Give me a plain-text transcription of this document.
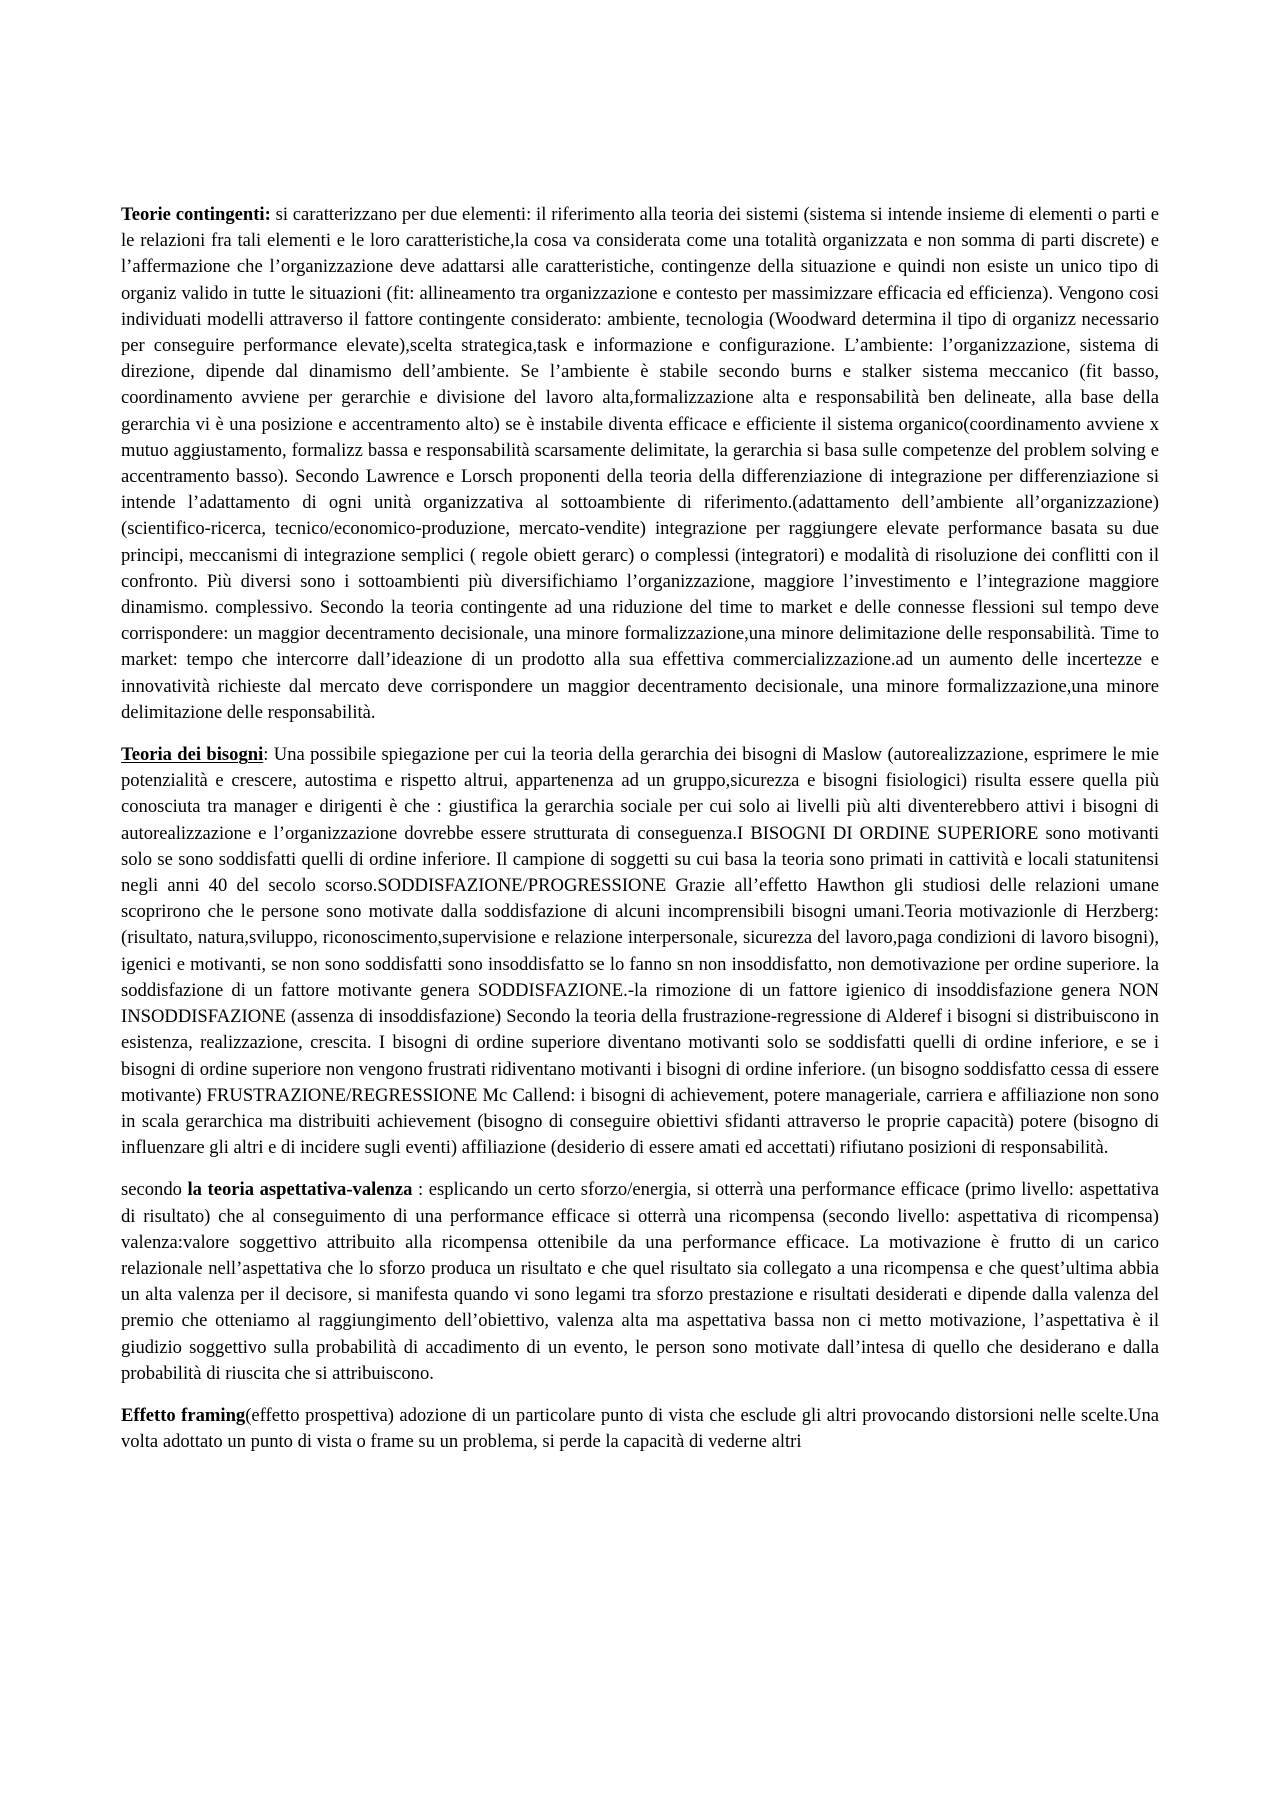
Teorie contingenti: si caratterizzano per due elementi: il riferimento alla teoria dei sistemi (sistema si intende insieme di elementi o parti e le relazioni fra tali elementi e le loro caratteristiche,la cosa va considerata come una totalità organizzata e non somma di parti discrete) e l’affermazione che l’organizzazione deve adattarsi alle caratteristiche, contingenze della situazione e quindi non esiste un unico tipo di organiz valido in tutte le situazioni (fit: allineamento tra organizzazione e contesto per massimizzare efficacia ed efficienza). Vengono cosi individuati modelli attraverso il fattore contingente considerato: ambiente, tecnologia (Woodward determina il tipo di organizz necessario per conseguire performance elevate),scelta strategica,task e informazione e configurazione. L’ambiente: l’organizzazione, sistema di direzione, dipende dal dinamismo dell’ambiente. Se l’ambiente è stabile secondo burns e stalker sistema meccanico (fit basso, coordinamento avviene per gerarchie e divisione del lavoro alta,formalizzazione alta e responsabilità ben delineate, alla base della gerarchia vi è una posizione e accentramento alto) se è instabile diventa efficace e efficiente il sistema organico(coordinamento avviene x mutuo aggiustamento, formalizz bassa e responsabilità scarsamente delimitate, la gerarchia si basa sulle competenze del problem solving e accentramento basso). Secondo Lawrence e Lorsch proponenti della teoria della differenziazione di integrazione per differenziazione si intende l’adattamento di ogni unità organizzativa al sottoambiente di riferimento.(adattamento dell’ambiente all’organizzazione) (scientifico-ricerca, tecnico/economico-produzione, mercato-vendite) integrazione per raggiungere elevate performance basata su due principi, meccanismi di integrazione semplici ( regole obiett gerarc) o complessi (integratori) e modalità di risoluzione dei conflitti con il confronto. Più diversi sono i sottoambienti più diversifichiamo l’organizzazione, maggiore l’investimento e l’integrazione maggiore dinamismo. complessivo. Secondo la teoria contingente ad una riduzione del time to market e delle connesse flessioni sul tempo deve corrispondere: un maggior decentramento decisionale, una minore formalizzazione,una minore delimitazione delle responsabilità. Time to market: tempo che intercorre dall’ideazione di un prodotto alla sua effettiva commercializzazione.ad un aumento delle incertezze e innovatività richieste dal mercato deve corrispondere un maggior decentramento decisionale, una minore formalizzazione,una minore delimitazione delle responsabilità.

Teoria dei bisogni: Una possibile spiegazione per cui la teoria della gerarchia dei bisogni di Maslow (autorealizzazione, esprimere le mie potenzialità e crescere, autostima e rispetto altrui, appartenenza ad un gruppo,sicurezza e bisogni fisiologici) risulta essere quella più conosciuta tra manager e dirigenti è che : giustifica la gerarchia sociale per cui solo ai livelli più alti diventerebbero attivi i bisogni di autorealizzazione e l’organizzazione dovrebbe essere strutturata di conseguenza.I BISOGNI DI ORDINE SUPERIORE sono motivanti solo se sono soddisfatti quelli di ordine inferiore. Il campione di soggetti su cui basa la teoria sono primati in cattività e locali statunitensi negli anni 40 del secolo scorso.SODDISFAZIONE/PROGRESSIONE Grazie all’effetto Hawthon gli studiosi delle relazioni umane scoprirono che le persone sono motivate dalla soddisfazione di alcuni incomprensibili bisogni umani.Teoria motivazionle di Herzberg: (risultato, natura,sviluppo, riconoscimento,supervisione e relazione interpersonale, sicurezza del lavoro,paga condizioni di lavoro bisogni), igenici e motivanti, se non sono soddisfatti sono insoddisfatto se lo fanno sn non insoddisfatto, non demotivazione per ordine superiore. la soddisfazione di un fattore motivante genera SODDISFAZIONE.-la rimozione di un fattore igienico di insoddisfazione genera NON INSODDISFAZIONE (assenza di insoddisfazione) Secondo la teoria della frustrazione-regressione di Alderef i bisogni si distribuiscono in esistenza, realizzazione, crescita. I bisogni di ordine superiore diventano motivanti solo se soddisfatti quelli di ordine inferiore, e se i bisogni di ordine superiore non vengono frustrati ridiventano motivanti i bisogni di ordine inferiore. (un bisogno soddisfatto cessa di essere motivante) FRUSTRAZIONE/REGRESSIONE Mc Callend: i bisogni di achievement, potere manageriale, carriera e affiliazione non sono in scala gerarchica ma distribuiti achievement (bisogno di conseguire obiettivi sfidanti attraverso le proprie capacità) potere (bisogno di influenzare gli altri e di incidere sugli eventi) affiliazione (desiderio di essere amati ed accettati) rifiutano posizioni di responsabilità.

secondo la teoria aspettativa-valenza : esplicando un certo sforzo/energia, si otterrà una performance efficace (primo livello: aspettativa di risultato) che al conseguimento di una performance efficace si otterrà una ricompensa (secondo livello: aspettativa di ricompensa) valenza:valore soggettivo attribuito alla ricompensa ottenibile da una performance efficace. La motivazione è frutto di un carico relazionale nell’aspettativa che lo sforzo produca un risultato e che quel risultato sia collegato a una ricompensa e che quest’ultima abbia un alta valenza per il decisore, si manifesta quando vi sono legami tra sforzo prestazione e risultati desiderati e dipende dalla valenza del premio che otteniamo al raggiungimento dell’obiettivo, valenza alta ma aspettativa bassa non ci metto motivazione, l’aspettativa è il giudizio soggettivo sulla probabilità di accadimento di un evento, le person sono motivate dall’intesa di quello che desiderano e dalla probabilità di riuscita che si attribuiscono.

Effetto framing(effetto prospettiva) adozione di un particolare punto di vista che esclude gli altri provocando distorsioni nelle scelte.Una volta adottato un punto di vista o frame su un problema, si perde la capacità di vederne altri
